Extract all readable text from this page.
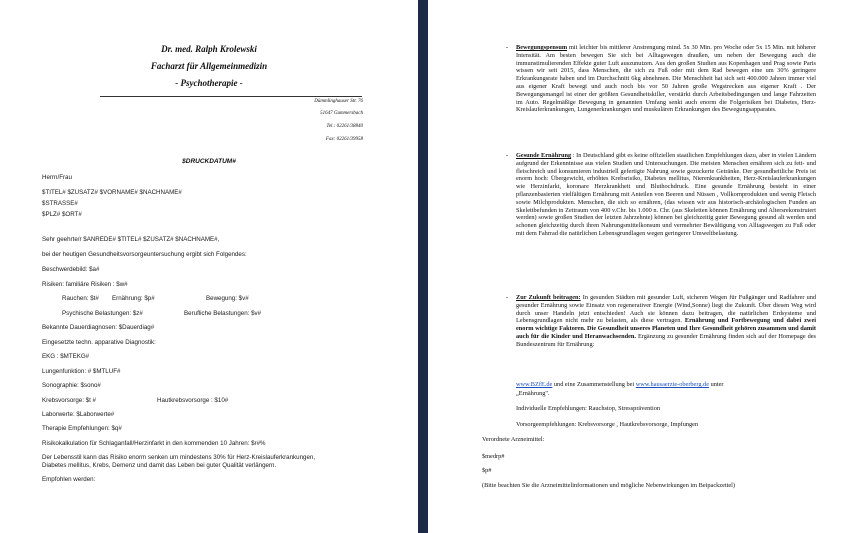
Dr. med. Ralph Krolewski
Facharzt für Allgemeinmedizin
- Psychotherapie -
Dümmlinghauser Str. 76
51647 Gummersbach
Tel.: 02261/38840
Fax: 02261/39958
$DRUCKDATUM#
Herrn/Frau
$TITEL# $ZUSATZ# $VORNAME# $NACHNAME#
$STRASSE#
$PLZ# $ORT#
Sehr geehrte/r $ANREDE# $TITEL# $ZUSATZ# $NACHNAME#,
bei der heutigen Gesundheitsvorsorgeuntersuchung ergibt sich Folgendes:
Beschwerdebild: $a#
Risiken: familiäre Risiken : $w#
Rauchen: $t# Ernährung: $p#	Bewegung: $v#
Psychische Belastungen: $z#	Berufliche Belastungen: $v#
Bekannte Dauerdiagnosen: $Dauerdiag#
Eingesetzte techn. apparative Diagnostik:
EKG : $MTEKG#
Lungenfunktion: # $MTLUF#
Sonographie: $sono#
Krebsvorsorge: $t #	Hautkrebsvorsorge : $10#
Laborwerte: $Laborwerte#
Therapie Empfehlungen: $q#
Risikokalkulation für Schlaganfall/Herzinfarkt in den kommenden 10 Jahren: $r#%
Der Lebensstil kann das Risiko enorm senken um mindestens 30% für Herz-Kreislauferkrankungen,
Diabetes mellitus, Krebs, Demenz und damit das Leben bei guter Qualität verlängern.
Empfohlen werden:
- Bewegungspensum mit leichter bis mittlerer Anstrengung mind. 5x 30 Min. pro Woche oder 5x 15 Min. mit höherer Intensität. Am besten bewegen Sie sich bei Alltagswegen draußen, um neben der Bewegung auch die immunstimulierenden Effekte guter Luft auszunutzen. Aus den großen Studien aus Kopenhagen und Prag sowie Paris wissen wir seit 2015, dass Menschen, die sich zu Fuß oder mit dem Rad bewegen eine um 30% geringere Erkrankungsrate haben und im Durchschnitt 6kg abnehmen. Die Menschheit hat sich seit 400.000 Jahren immer viel aus eigener Kraft bewegt und auch noch bis vor 50 Jahren große Wegstrecken aus eigener Kraft . Der Bewegungsmangel ist einer der größten Gesundheitskiller, verstärkt durch Arbeitsbedingungen und lange Fahrzeiten im Auto. Regelmäßige Bewegung in genannten Umfang senkt auch enorm die Folgerisiken bei Diabetes, Herz-Kreislauferkrankungen, Lungenerkrankungen und muskulären Erkrankungen des Bewegungsapparates.
- Gesunde Ernährung : In Deutschland gibt es keine offiziellen staatlichen Empfehlungen dazu, aber in vielen Ländern aufgrund der Erkenntnisse aus vielen Studien und Untersuchungen. Die meisten Menschen ernähren sich zu fett- und fleischreich und konsumieren industriell gefertigte Nahrung sowie gezuckerte Getränke. Der gesundheitliche Preis ist enorm hoch: Übergewicht, erhöhtes Krebsrisiko, Diabetes mellitus, Nierenkrankheiten, Herz-Kreislauferkrankungen wie Herzinfarkt, koronare Herzkrankheit und Bluthochdruck. Eine gesunde Ernährung besteht in einer pflanzenbasierten vielfältigen Ernährung mit Anteilen von Beeren und Nüssen , Vollkornprodukten und wenig Fleisch sowie Milchprodukten. Menschen, die sich so ernähren, (das wissen wir aus historisch-archäologischen Funden an Skelettbefunden in Zeitraum von 400 v.Chr. bis 1.000 n. Chr. (aus Skeletten können Ernährung und Altersrekonstruiert werden) sowie großen Studien der letzten Jahrzehnte) können bei gleichzeitig guter Bewegung gesund alt werden und schonen gleichzeitig durch ihren Nahrungsmittelkonsum und vermehrter Bewältigung von Alltagswegen zu Fuß oder mit dem Fahrrad die natürlichen Lebensgrundlagen wegen geringerer Umweltbelastung.
- Zur Zukunft beitragen: In gesunden Städten mit gesunder Luft, sicheren Wegen für Fußgänger und Radfahrer und gesunder Ernährung sowie Einsatz von regenerativer Energie (Wind,Sonne) liegt die Zukunft. Über diesen Weg wird durch unser Handeln jetzt entschieden! Auch sie können dazu beitragen, die natürlichen Erdsysteme und Lebensgrundlagen nicht mehr zu belasten, als diese vertragen. Ernährung und Fortbewegung und dabei zwei enorm wichtige Faktoren. Die Gesundheit unseres Planeten und Ihre Gesundheit gehören zusammen und damit auch für die Kinder und Heranwachsenden. Ergänzung zu gesunder Ernährung finden sich auf der Homepage des Bundeszentrum für Ernährung:
www.BZfE.de und eine Zusammenstellung bei www.hausaerzte-oberberg.de unter
„Ernährung".
Individuelle Empfehlungen: Rauchstop, Stressprävention
Vorsorgeempfehlungen: Krebsvorsorge , Hautkrebsvorsorge, Impfungen
Verordnete Arzneimittel:
$medrp#
$p#
(Bitte beachten Sie die Arzneimittelinformationen und mögliche Nebenwirkungen im Beipackzettel)
